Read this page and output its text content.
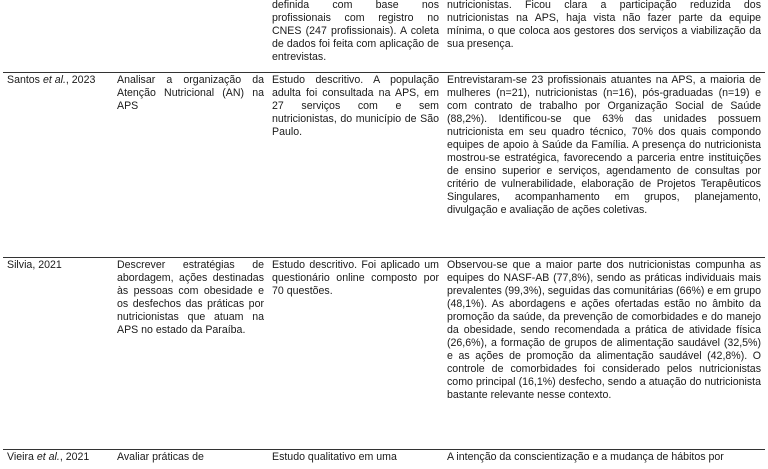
		definida com base nos profissionais com registro no CNES (247 profissionais). A coleta de dados foi feita com aplicação de entrevistas.	nutricionistas. Ficou clara a participação reduzida dos nutricionistas na APS, haja vista não fazer parte da equipe mínima, o que coloca aos gestores dos serviços a viabilização da sua presença.

Santos et al., 2023	Analisar a organização da Atenção Nutricional (AN) na APS	Estudo descritivo. A população adulta foi consultada na APS, em 27 serviços com e sem nutricionistas, do município de São Paulo.	Entrevistaram-se 23 profissionais atuantes na APS, a maioria de mulheres (n=21), nutricionistas (n=16), pós-graduadas (n=19) e com contrato de trabalho por Organização Social de Saúde (88,2%). Identificou-se que 63% das unidades possuem nutricionista em seu quadro técnico, 70% dos quais compondo equipes de apoio à Saúde da Família. A presença do nutricionista mostrou-se estratégica, favorecendo a parceria entre instituições de ensino superior e serviços, agendamento de consultas por critério de vulnerabilidade, elaboração de Projetos Terapêuticos Singulares, acompanhamento em grupos, planejamento, divulgação e avaliação de ações coletivas.

Silvia, 2021	Descrever estratégias de abordagem, ações destinadas às pessoas com obesidade e os desfechos das práticas por nutricionistas que atuam na APS no estado da Paraíba.	Estudo descritivo. Foi aplicado um questionário online composto por 70 questões.	Observou-se que a maior parte dos nutricionistas compunha as equipes do NASF-AB (77,8%), sendo as práticas individuais mais prevalentes (99,3%), seguidas das comunitárias (66%) e em grupo (48,1%). As abordagens e ações ofertadas estão no âmbito da promoção da saúde, da prevenção de comorbidades e do manejo da obesidade, sendo recomendada a prática de atividade física (26,6%), a formação de grupos de alimentação saudável (32,5%) e as ações de promoção da alimentação saudável (42,8%). O controle de comorbidades foi considerado pelos nutricionistas como principal (16,1%) desfecho, sendo a atuação do nutricionista bastante relevante nesse contexto.

Vieira et al., 2021	Avaliar práticas de	Estudo qualitativo em uma	A intenção da conscientização e a mudança de hábitos por
